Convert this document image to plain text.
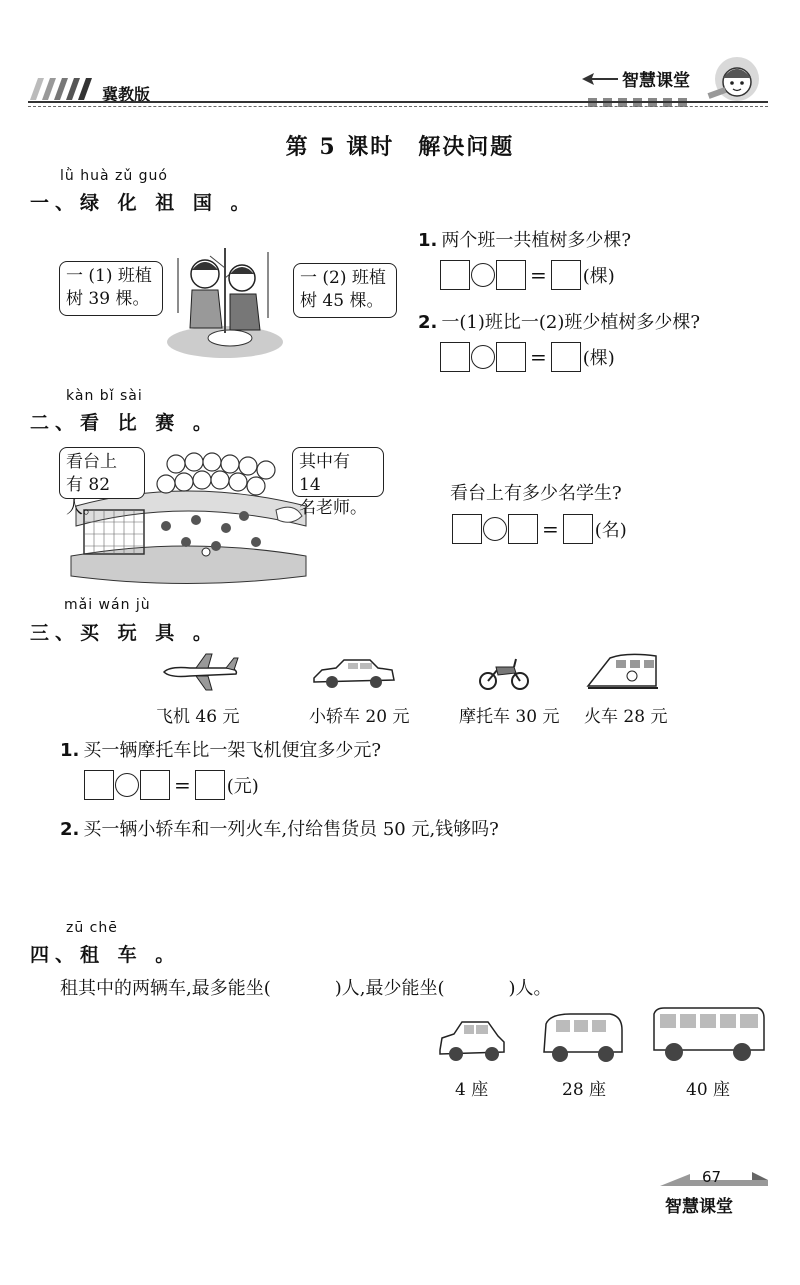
冀教版
智慧课堂
第 5 课时　解决问题
lǜ huà zǔ guó
一、绿 化 祖 国 。
一 (1) 班植
树 39 棵。
一 (2) 班植
树 45 棵。
1. 两个班一共植树多少棵?
= (棵)
2. 一(1)班比一(2)班少植树多少棵?
= (棵)
kàn bǐ sài
二、看 比 赛 。
看台上
有 82 人。
其中有 14
名老师。
看台上有多少名学生?
= (名)
mǎi wán jù
三、买 玩 具 。
飞机 46 元	小轿车 20 元	摩托车 30 元 火车 28 元
1. 买一辆摩托车比一架飞机便宜多少元?
= (元)
2. 买一辆小轿车和一列火车,付给售货员 50 元,钱够吗?
zū chē
四、租 车 。
租其中的两辆车,最多能坐(	)人,最少能坐(	)人。
4 座	28 座	40 座
67
智慧课堂
